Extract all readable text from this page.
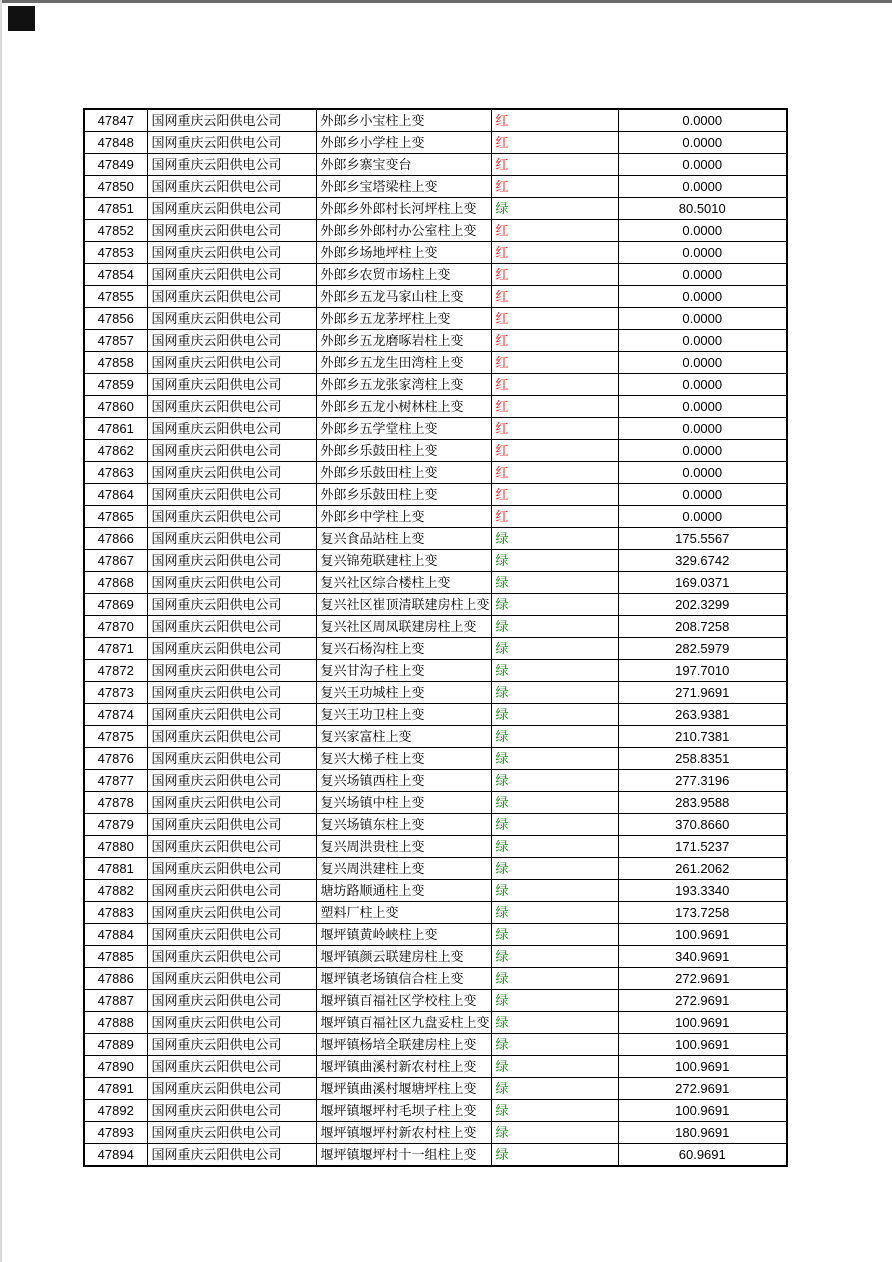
47847	国网重庆云阳供电公司	外郎乡小宝柱上变	红	0.0000
47848	国网重庆云阳供电公司	外郎乡小学柱上变	红	0.0000
47849	国网重庆云阳供电公司	外郎乡寨宝变台	红	0.0000
47850	国网重庆云阳供电公司	外郎乡宝塔梁柱上变	红	0.0000
47851	国网重庆云阳供电公司	外郎乡外郎村长河坪柱上变	绿	80.5010
47852	国网重庆云阳供电公司	外郎乡外郎村办公室柱上变	红	0.0000
47853	国网重庆云阳供电公司	外郎乡场地坪柱上变	红	0.0000
47854	国网重庆云阳供电公司	外郎乡农贸市场柱上变	红	0.0000
47855	国网重庆云阳供电公司	外郎乡五龙马家山柱上变	红	0.0000
47856	国网重庆云阳供电公司	外郎乡五龙茅坪柱上变	红	0.0000
47857	国网重庆云阳供电公司	外郎乡五龙磨啄岩柱上变	红	0.0000
47858	国网重庆云阳供电公司	外郎乡五龙生田湾柱上变	红	0.0000
47859	国网重庆云阳供电公司	外郎乡五龙张家湾柱上变	红	0.0000
47860	国网重庆云阳供电公司	外郎乡五龙小树林柱上变	红	0.0000
47861	国网重庆云阳供电公司	外郎乡五学堂柱上变	红	0.0000
47862	国网重庆云阳供电公司	外郎乡乐鼓田柱上变	红	0.0000
47863	国网重庆云阳供电公司	外郎乡乐鼓田柱上变	红	0.0000
47864	国网重庆云阳供电公司	外郎乡乐鼓田柱上变	红	0.0000
47865	国网重庆云阳供电公司	外郎乡中学柱上变	红	0.0000
47866	国网重庆云阳供电公司	复兴食品站柱上变	绿	175.5567
47867	国网重庆云阳供电公司	复兴锦苑联建柱上变	绿	329.6742
47868	国网重庆云阳供电公司	复兴社区综合楼柱上变	绿	169.0371
47869	国网重庆云阳供电公司	复兴社区崔顶清联建房柱上变	绿	202.3299
47870	国网重庆云阳供电公司	复兴社区周凤联建房柱上变	绿	208.7258
47871	国网重庆云阳供电公司	复兴石杨沟柱上变	绿	282.5979
47872	国网重庆云阳供电公司	复兴甘沟子柱上变	绿	197.7010
47873	国网重庆云阳供电公司	复兴王功城柱上变	绿	271.9691
47874	国网重庆云阳供电公司	复兴王功卫柱上变	绿	263.9381
47875	国网重庆云阳供电公司	复兴家富柱上变	绿	210.7381
47876	国网重庆云阳供电公司	复兴大梯子柱上变	绿	258.8351
47877	国网重庆云阳供电公司	复兴场镇西柱上变	绿	277.3196
47878	国网重庆云阳供电公司	复兴场镇中柱上变	绿	283.9588
47879	国网重庆云阳供电公司	复兴场镇东柱上变	绿	370.8660
47880	国网重庆云阳供电公司	复兴周洪贵柱上变	绿	171.5237
47881	国网重庆云阳供电公司	复兴周洪建柱上变	绿	261.2062
47882	国网重庆云阳供电公司	塘坊路顺通柱上变	绿	193.3340
47883	国网重庆云阳供电公司	塑料厂柱上变	绿	173.7258
47884	国网重庆云阳供电公司	堰坪镇黄岭峡柱上变	绿	100.9691
47885	国网重庆云阳供电公司	堰坪镇颜云联建房柱上变	绿	340.9691
47886	国网重庆云阳供电公司	堰坪镇老场镇信合柱上变	绿	272.9691
47887	国网重庆云阳供电公司	堰坪镇百福社区学校柱上变	绿	272.9691
47888	国网重庆云阳供电公司	堰坪镇百福社区九盘妥柱上变	绿	100.9691
47889	国网重庆云阳供电公司	堰坪镇杨培全联建房柱上变	绿	100.9691
47890	国网重庆云阳供电公司	堰坪镇曲溪村新农村柱上变	绿	100.9691
47891	国网重庆云阳供电公司	堰坪镇曲溪村堰塘坪柱上变	绿	272.9691
47892	国网重庆云阳供电公司	堰坪镇堰坪村毛坝子柱上变	绿	100.9691
47893	国网重庆云阳供电公司	堰坪镇堰坪村新农村柱上变	绿	180.9691
47894	国网重庆云阳供电公司	堰坪镇堰坪村十一组柱上变	绿	60.9691
